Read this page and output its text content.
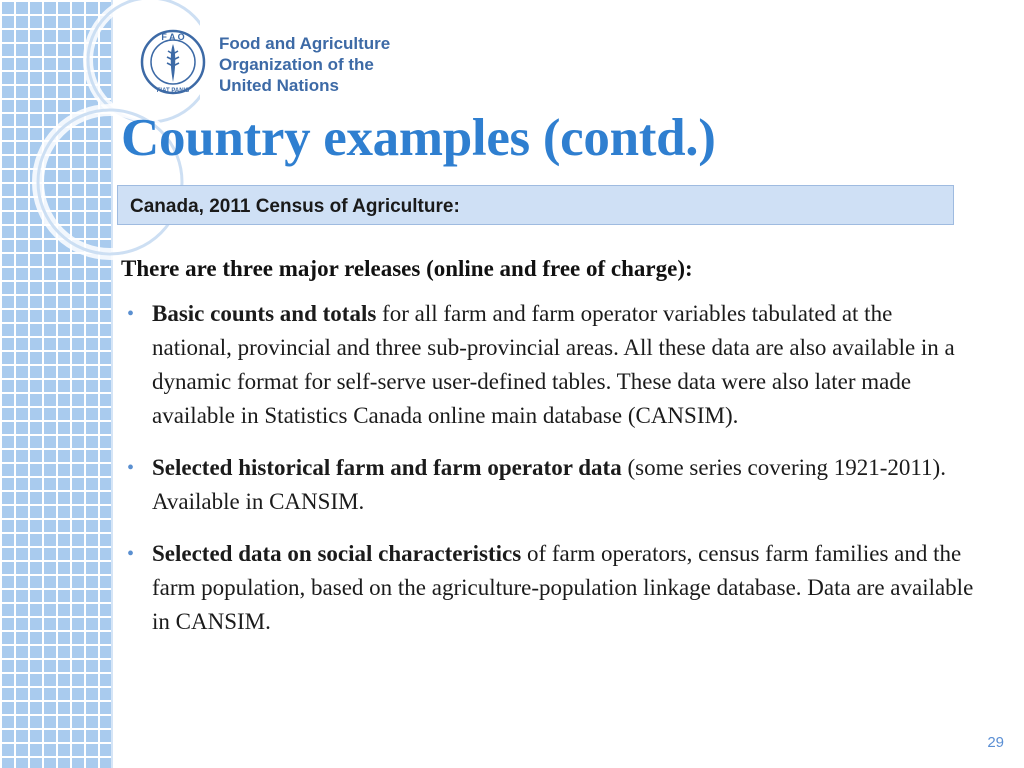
F A O
FIAT PANIS
Food and Agriculture
Organization of the
United Nations
Country examples (contd.)
Canada, 2011 Census of Agriculture:
There are three major releases (online and free of charge):
• Basic counts and totals for all farm and farm operator variables tabulated at the national, provincial and three sub-provincial areas. All these data are also available in a dynamic format for self-serve user-defined tables. These data were also later made available in Statistics Canada online main database (CANSIM).
• Selected historical farm and farm operator data (some series covering 1921-2011). Available in CANSIM.
• Selected data on social characteristics of farm operators, census farm families and the farm population, based on the agriculture-population linkage database. Data are available in CANSIM.
29
